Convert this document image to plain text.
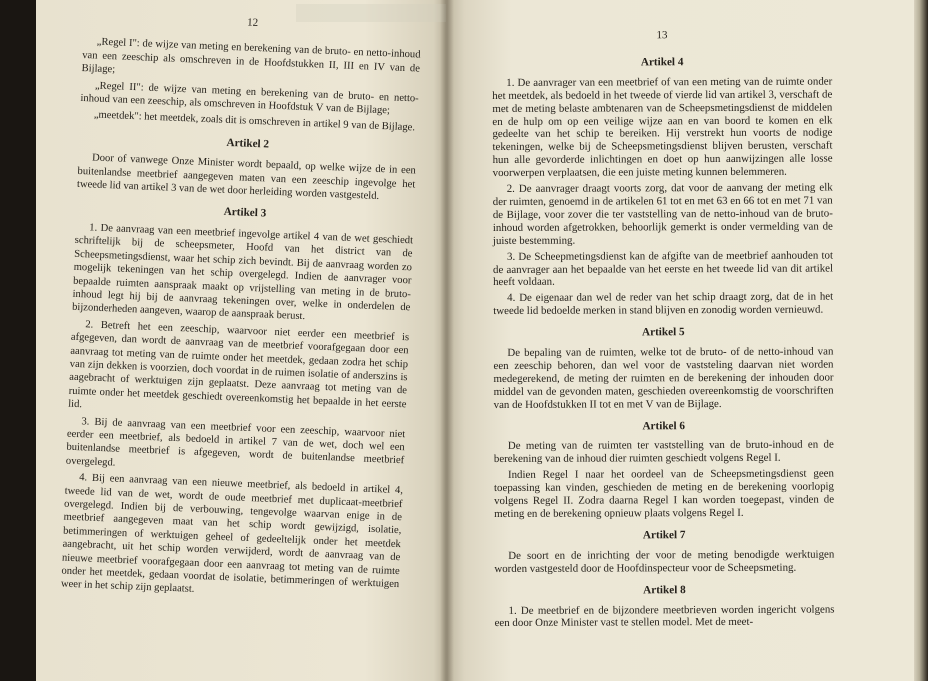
12

„Regel I": de wijze van meting en berekening van de bruto- en netto-inhoud van een zeeschip als omschreven in de Hoofdstukken II, III en IV van de Bijlage;

„Regel II": de wijze van meting en berekening van de bruto- en netto-inhoud van een zeeschip, als omschreven in Hoofdstuk V van de Bijlage;

„meetdek": het meetdek, zoals dit is omschreven in artikel 9 van de Bijlage.

Artikel 2

Door of vanwege Onze Minister wordt bepaald, op welke wijze de in een buitenlandse meetbrief aangegeven maten van een zeeschip ingevolge het tweede lid van artikel 3 van de wet door herleiding worden vastgesteld.

Artikel 3

1. De aanvraag van een meetbrief ingevolge artikel 4 van de wet geschiedt schriftelijk bij de scheepsmeter, Hoofd van het district van de Scheepsmetingsdienst, waar het schip zich bevindt. Bij de aanvraag worden zo mogelijk tekeningen van het schip overgelegd. Indien de aanvrager voor bepaalde ruimten aanspraak maakt op vrijstelling van meting in de bruto-inhoud legt hij bij de aanvraag tekeningen over, welke in onderdelen de bijzonderheden aangeven, waarop de aanspraak berust.

2. Betreft het een zeeschip, waarvoor niet eerder een meetbrief is afgegeven, dan wordt de aanvraag van de meetbrief voorafgegaan door een aanvraag tot meting van de ruimte onder het meetdek, gedaan zodra het schip van zijn dekken is voorzien, doch voordat in de ruimen isolatie of anderszins is aagebracht of werktuigen zijn geplaatst. Deze aanvraag tot meting van de ruimte onder het meetdek geschiedt overeenkomstig het bepaalde in het eerste lid.

3. Bij de aanvraag van een meetbrief voor een zeeschip, waarvoor niet eerder een meetbrief, als bedoeld in artikel 7 van de wet, doch wel een buitenlandse meetbrief is afgegeven, wordt de buitenlandse meetbrief overgelegd.

4. Bij een aanvraag van een nieuwe meetbrief, als bedoeld in artikel 4, tweede lid van de wet, wordt de oude meetbrief met duplicaat-meetbrief overgelegd. Indien bij de verbouwing, tengevolge waarvan enige in de meetbrief aangegeven maat van het schip wordt gewijzigd, isolatie, betimmeringen of werktuigen geheel of gedeeltelijk onder het meetdek aangebracht, uit het schip worden verwijderd, wordt de aanvraag van de nieuwe meetbrief voorafgegaan door een aanvraag tot meting van de ruimte onder het meetdek, gedaan voordat de isolatie, betimmeringen of werktuigen weer in het schip zijn geplaatst.

13
Artikel 4

1. De aanvrager van een meetbrief of van een meting van de ruimte onder het meetdek, als bedoeld in het tweede of vierde lid van artikel 3, verschaft de met de meting belaste ambtenaren van de Scheepsmetingsdienst de middelen en de hulp om op een veilige wijze aan en van boord te komen en elk gedeelte van het schip te bereiken. Hij verstrekt hun voorts de nodige tekeningen, welke bij de Scheepsmetingsdienst blijven berusten, verschaft hun alle gevorderde inlichtingen en doet op hun aanwijzingen alle losse voorwerpen verplaatsen, die een juiste meting kunnen belemmeren.

2. De aanvrager draagt voorts zorg, dat voor de aanvang der meting elk der ruimten, genoemd in de artikelen 61 tot en met 63 en 66 tot en met 71 van de Bijlage, voor zover die ter vaststelling van de netto-inhoud van de bruto-inhoud worden afgetrokken, behoorlijk gemerkt is onder vermelding van de juiste bestemming.

3. De Scheepmetingsdienst kan de afgifte van de meetbrief aanhouden tot de aanvrager aan het bepaalde van het eerste en het tweede lid van dit artikel heeft voldaan.

4. De eigenaar dan wel de reder van het schip draagt zorg, dat de in het tweede lid bedoelde merken in stand blijven en zonodig worden vernieuwd.

Artikel 5

De bepaling van de ruimten, welke tot de bruto- of de netto-inhoud van een zeeschip behoren, dan wel voor de vaststeling daarvan niet worden medegerekend, de meting der ruimten en de berekening der inhouden door middel van de gevonden maten, geschieden overeenkomstig de voorschriften van de Hoofdstukken II tot en met V van de Bijlage.

Artikel 6

De meting van de ruimten ter vaststelling van de bruto-inhoud en de berekening van de inhoud dier ruimten geschiedt volgens Regel I.

Indien Regel I naar het oordeel van de Scheepsmetingsdienst geen toepassing kan vinden, geschieden de meting en de berekening voorlopig volgens Regel II. Zodra daarna Regel I kan worden toegepast, vinden de meting en de berekening opnieuw plaats volgens Regel I.

Artikel 7

De soort en de inrichting der voor de meting benodigde werktuigen worden vastgesteld door de Hoofdinspecteur voor de Scheepsmeting.

Artikel 8

1. De meetbrief en de bijzondere meetbrieven worden ingericht volgens een door Onze Minister vast te stellen model. Met de meet-
